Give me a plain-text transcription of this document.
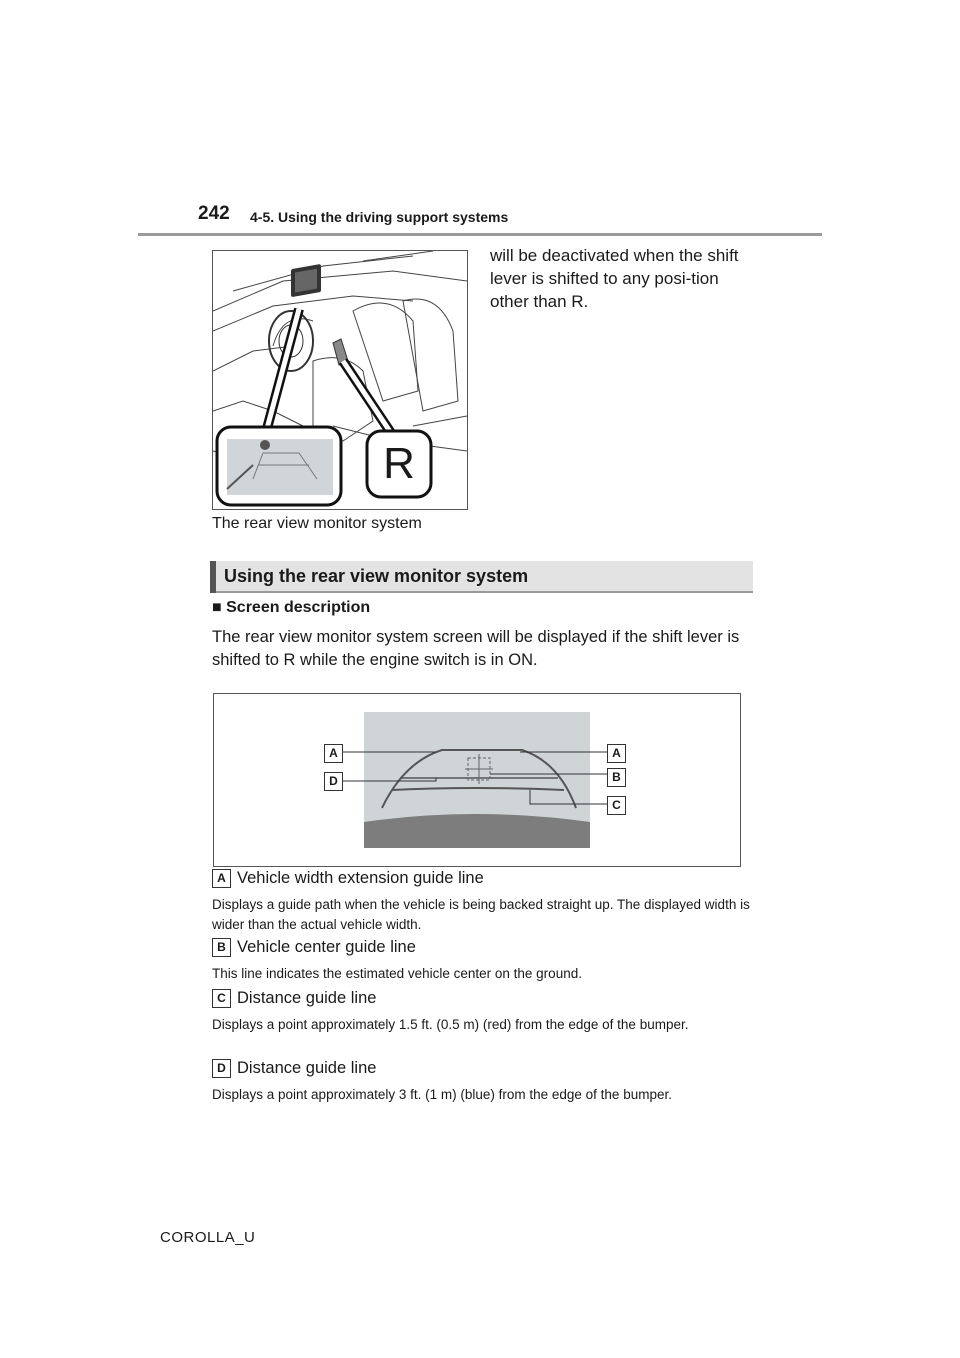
242 4-5. Using the driving support systems
R
will be deactivated when the shift lever is shifted to any posi-tion other than R.
The rear view monitor system
Using the rear view monitor system
■ Screen description
The rear view monitor system screen will be displayed if the shift lever is shifted to R while the engine switch is in ON.
A
D
A
B
C
A Vehicle width extension guide line
Displays a guide path when the vehicle is being backed straight up. The displayed width is wider than the actual vehicle width.
B Vehicle center guide line
This line indicates the estimated vehicle center on the ground.
C Distance guide line
Displays a point approximately 1.5 ft. (0.5 m) (red) from the edge of the bumper.
D Distance guide line
Displays a point approximately 3 ft. (1 m) (blue) from the edge of the bumper.
COROLLA_U
